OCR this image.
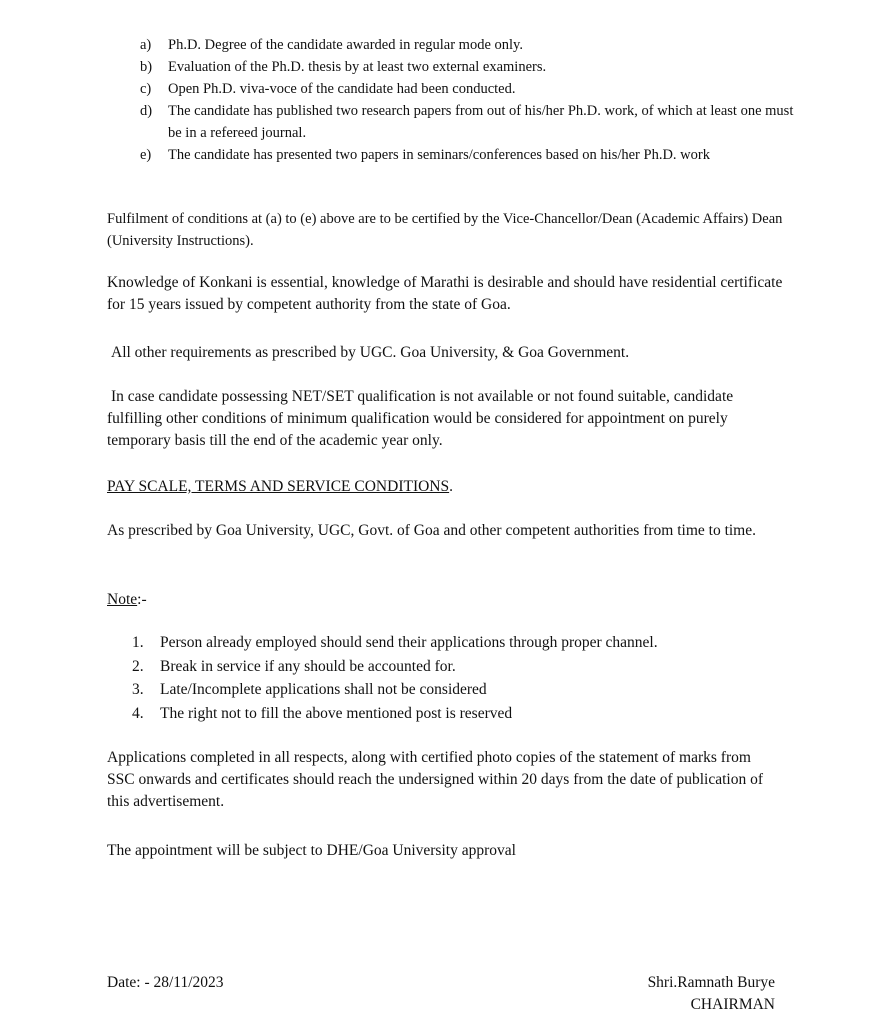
a) Ph.D. Degree of the candidate awarded in regular mode only.
b) Evaluation of the Ph.D. thesis by at least two external examiners.
c) Open Ph.D. viva-voce of the candidate had been conducted.
d) The candidate has published two research papers from out of his/her Ph.D. work, of which at least one must be in a refereed journal.
e) The candidate has presented two papers in seminars/conferences based on his/her Ph.D. work

Fulfilment of conditions at (a) to (e) above are to be certified by the Vice-Chancellor/Dean (Academic Affairs) Dean (University Instructions).

Knowledge of Konkani is essential, knowledge of Marathi is desirable and should have residential certificate for 15 years issued by competent authority from the state of Goa.

All other requirements as prescribed by UGC. Goa University, & Goa Government.

In case candidate possessing NET/SET qualification is not available or not found suitable, candidate fulfilling other conditions of minimum qualification would be considered for appointment on purely temporary basis till the end of the academic year only.

PAY SCALE, TERMS AND SERVICE CONDITIONS.

As prescribed by Goa University, UGC, Govt. of Goa and other competent authorities from time to time.

Note:-

1. Person already employed should send their applications through proper channel.
2. Break in service if any should be accounted for.
3. Late/Incomplete applications shall not be considered
4. The right not to fill the above mentioned post is reserved

Applications completed in all respects, along with certified photo copies of the statement of marks from SSC onwards and certificates should reach the undersigned within 20 days from the date of publication of this advertisement.

The appointment will be subject to DHE/Goa University approval

Date: - 28/11/2023	Shri.Ramnath Burye
CHAIRMAN
